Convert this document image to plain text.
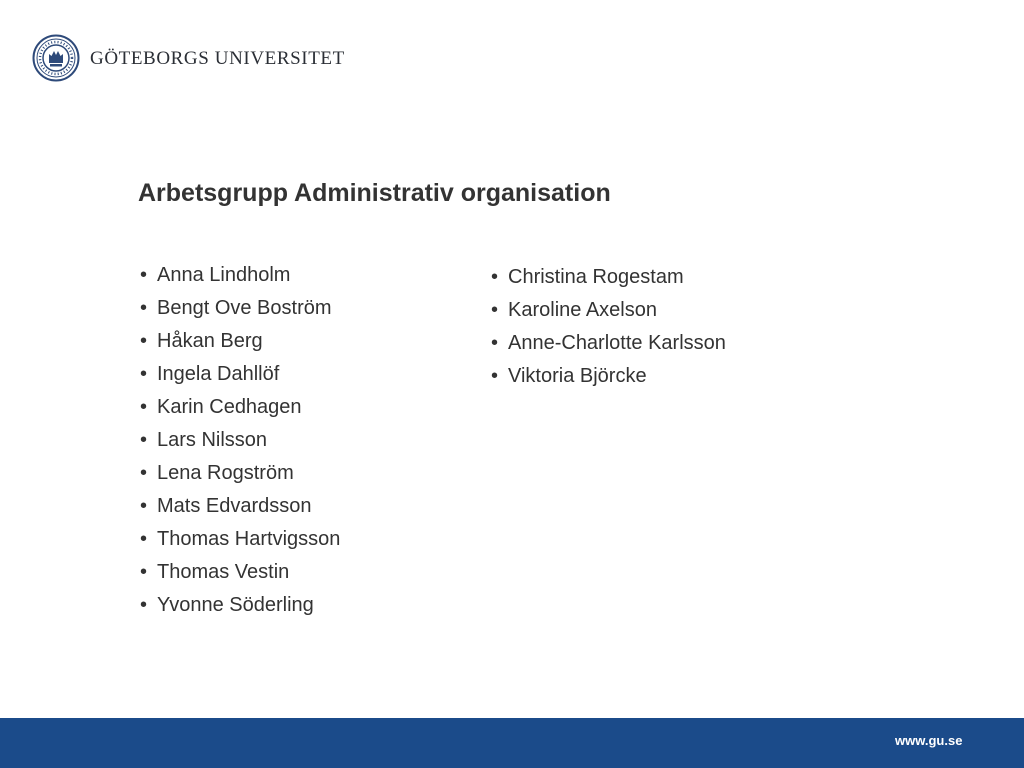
GÖTEBORGS UNIVERSITET
Arbetsgrupp Administrativ organisation
• Anna Lindholm
• Bengt Ove Boström
• Håkan Berg
• Ingela Dahllöf
• Karin Cedhagen
• Lars Nilsson
• Lena Rogström
• Mats Edvardsson
• Thomas Hartvigsson
• Thomas Vestin
• Yvonne Söderling
• Christina Rogestam
• Karoline Axelson
• Anne-Charlotte Karlsson
• Viktoria Björcke
www.gu.se
